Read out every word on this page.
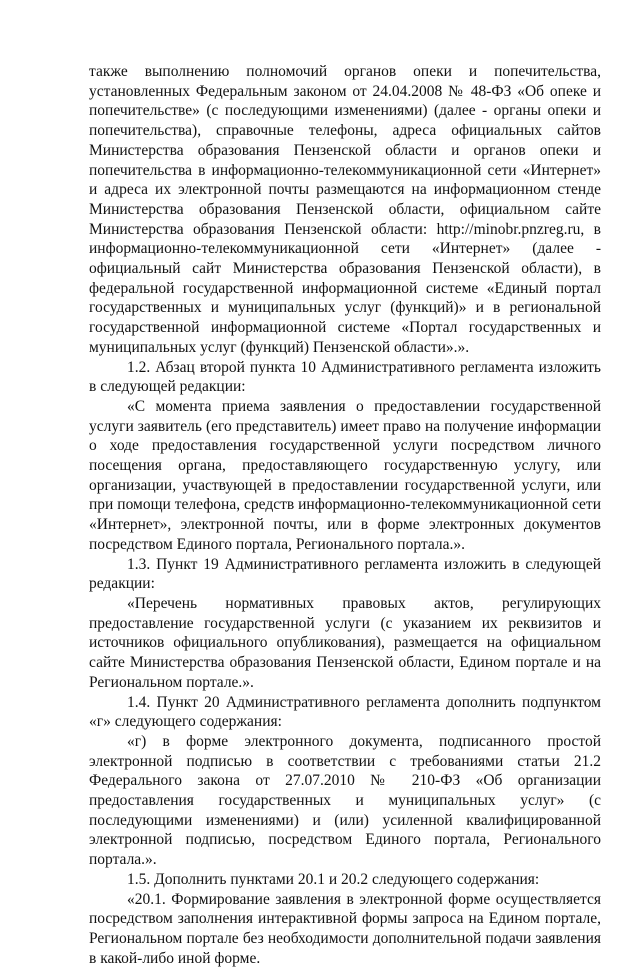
также выполнению полномочий органов опеки и попечительства, установленных Федеральным законом от 24.04.2008 № 48-ФЗ «Об опеке и попечительстве» (с последующими изменениями) (далее - органы опеки и попечительства), справочные телефоны, адреса официальных сайтов Министерства образования Пензенской области и органов опеки и попечительства в информационно-телекоммуникационной сети «Интернет» и адреса их электронной почты размещаются на информационном стенде Министерства образования Пензенской области, официальном сайте Министерства образования Пензенской области: http://minobr.pnzreg.ru, в информационно-телекоммуникационной сети «Интернет» (далее - официальный сайт Министерства образования Пензенской области), в федеральной государственной информационной системе «Единый портал государственных и муниципальных услуг (функций)» и в региональной государственной информационной системе «Портал государственных и муниципальных услуг (функций) Пензенской области».».

1.2. Абзац второй пункта 10 Административного регламента изложить в следующей редакции:

«С момента приема заявления о предоставлении государственной услуги заявитель (его представитель) имеет право на получение информации о ходе предоставления государственной услуги посредством личного посещения органа, предоставляющего государственную услугу, или организации, участвующей в предоставлении государственной услуги, или при помощи телефона, средств информационно-телекоммуникационной сети «Интернет», электронной почты, или в форме электронных документов посредством Единого портала, Регионального портала.».

1.3. Пункт 19 Административного регламента изложить в следующей редакции:

«Перечень нормативных правовых актов, регулирующих предоставление государственной услуги (с указанием их реквизитов и источников официального опубликования), размещается на официальном сайте Министерства образования Пензенской области, Едином портале и на Региональном портале.».

1.4. Пункт 20 Административного регламента дополнить подпунктом «г» следующего содержания:

«г) в форме электронного документа, подписанного простой электронной подписью в соответствии с требованиями статьи 21.2 Федерального закона от 27.07.2010 № 210-ФЗ «Об организации предоставления государственных и муниципальных услуг» (с последующими изменениями) и (или) усиленной квалифицированной электронной подписью, посредством Единого портала, Регионального портала.».

1.5. Дополнить пунктами 20.1 и 20.2 следующего содержания:

«20.1. Формирование заявления в электронной форме осуществляется посредством заполнения интерактивной формы запроса на Едином портале, Региональном портале без необходимости дополнительной подачи заявления в какой-либо иной форме.
